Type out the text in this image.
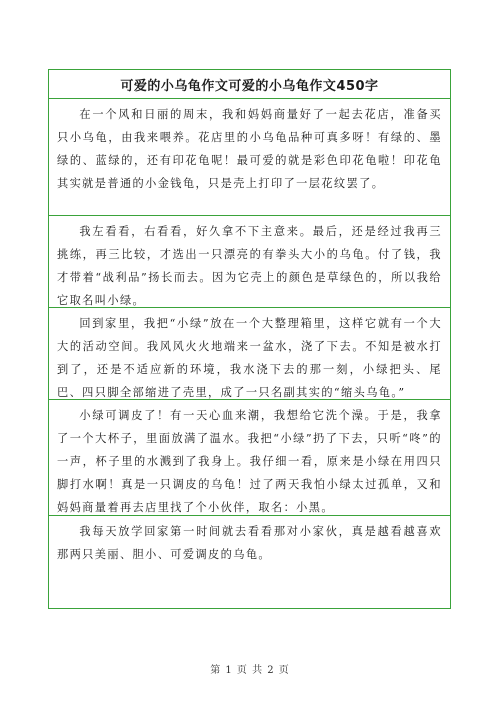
可爱的小乌龟作文可爱的小乌龟作文450字
在一个风和日丽的周末，我和妈妈商量好了一起去花店，准备买只小乌龟，由我来喂养。花店里的小乌龟品种可真多呀！有绿的、墨绿的、蓝绿的，还有印花龟呢！最可爱的就是彩色印花龟啦！印花龟其实就是普通的小金钱龟，只是壳上打印了一层花纹罢了。
我左看看，右看看，好久拿不下主意来。最后，还是经过我再三挑练，再三比较，才选出一只漂亮的有拳头大小的乌龟。付了钱，我才带着“战利品”扬长而去。因为它壳上的颜色是草绿色的，所以我给它取名叫小绿。
回到家里，我把“小绿”放在一个大整理箱里，这样它就有一个大大的活动空间。我风风火火地端来一盆水，浇了下去。不知是被水打到了，还是不适应新的环境，我水浇下去的那一刻，小绿把头、尾巴、四只脚全部缩进了壳里，成了一只名副其实的“缩头乌龟。”
小绿可调皮了！有一天心血来潮，我想给它洗个澡。于是，我拿了一个大杯子，里面放满了温水。我把“小绿”扔了下去，只听“咚”的一声，杯子里的水溅到了我身上。我仔细一看，原来是小绿在用四只脚打水啊！真是一只调皮的乌龟！过了两天我怕小绿太过孤单，又和妈妈商量着再去店里找了个小伙伴，取名：小黑。
我每天放学回家第一时间就去看看那对小家伙，真是越看越喜欢那两只美丽、胆小、可爱调皮的乌龟。
第 1 页 共 2 页
